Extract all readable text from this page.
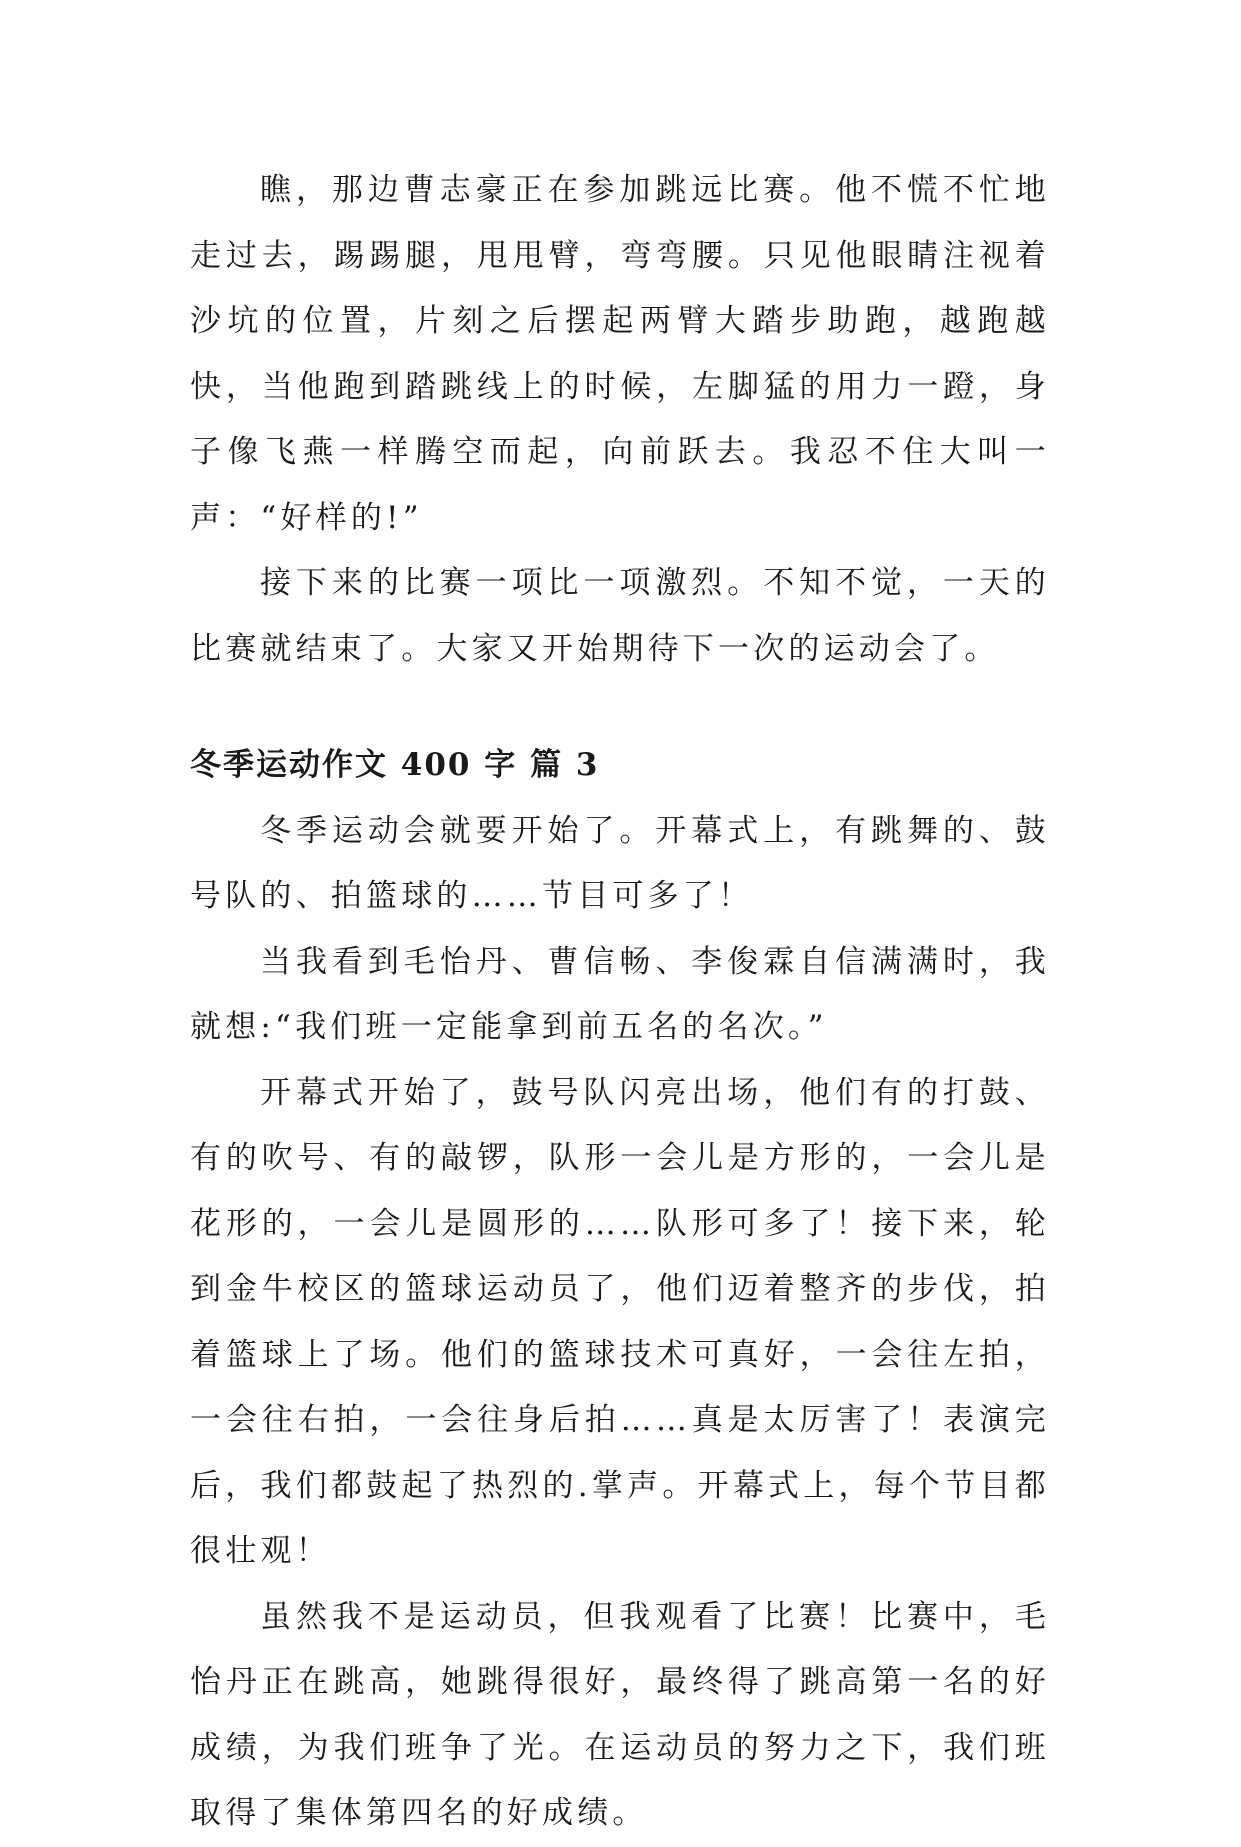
瞧，那边曹志豪正在参加跳远比赛。他不慌不忙地走过去，踢踢腿，甩甩臂，弯弯腰。只见他眼睛注视着沙坑的位置，片刻之后摆起两臂大踏步助跑，越跑越快，当他跑到踏跳线上的时候，左脚猛的用力一蹬，身子像飞燕一样腾空而起，向前跃去。我忍不住大叫一声：“好样的!”

接下来的比赛一项比一项激烈。不知不觉，一天的比赛就结束了。大家又开始期待下一次的运动会了。

冬季运动作文 400 字 篇 3

冬季运动会就要开始了。开幕式上，有跳舞的、鼓号队的、拍篮球的……节目可多了！

当我看到毛怡丹、曹信畅、李俊霖自信满满时，我就想:“我们班一定能拿到前五名的名次。”

开幕式开始了，鼓号队闪亮出场，他们有的打鼓、有的吹号、有的敲锣，队形一会儿是方形的，一会儿是花形的，一会儿是圆形的……队形可多了！接下来，轮到金牛校区的篮球运动员了，他们迈着整齐的步伐，拍着篮球上了场。他们的篮球技术可真好，一会往左拍，一会往右拍，一会往身后拍……真是太厉害了！表演完后，我们都鼓起了热烈的.掌声。开幕式上，每个节目都很壮观！

虽然我不是运动员，但我观看了比赛！比赛中，毛怡丹正在跳高，她跳得很好，最终得了跳高第一名的好成绩，为我们班争了光。在运动员的努力之下，我们班取得了集体第四名的好成绩。
